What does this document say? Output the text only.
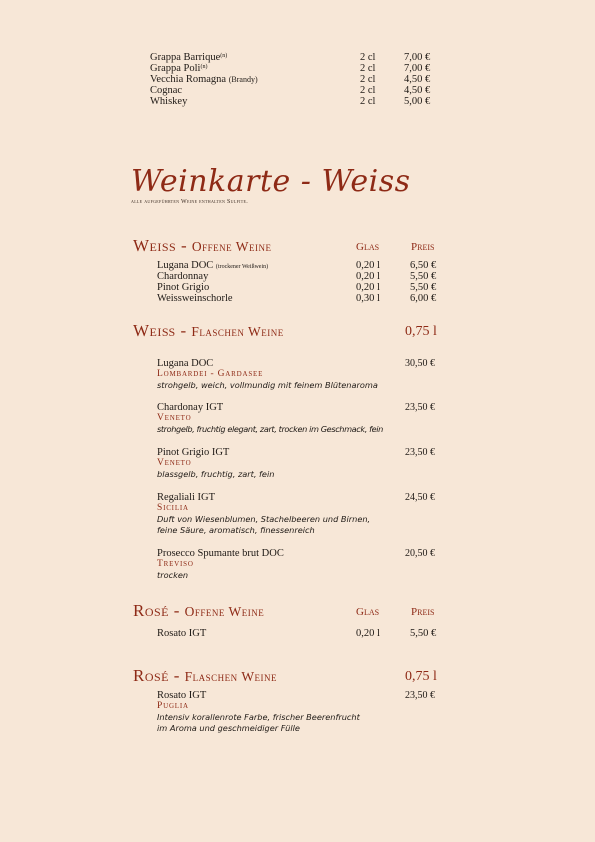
Grappa Barrique$^{(n)}$	2 cl	7,00 €
Grappa Poli$^{(n)}$	2 cl	7,00 €
Vecchia Romagna (Brandy)	2 cl	4,50 €
Cognac	2 cl	4,50 €
Whiskey	2 cl	5,00 €
Weinkarte - Weiss
alle aufgeführten Weine enthalten Sulfite.
Weiss - Offene Weine	Glas	Preis
Lugana DOC (trockener Weißwein)	0,20 l	6,50 €
Chardonnay	0,20 l	5,50 €
Pinot Grigio	0,20 l	5,50 €
Weissweinschorle	0,30 l	6,00 €
Weiß - Flaschen Weine	0,75 l
Lugana DOC	30,50 €
Lombardei - Gardasee
strohgelb, weich, vollmundig mit feinem Blütenaroma
Chardonay IGT	23,50 €
Veneto
strohgelb, fruchtig elegant, zart, trocken im Geschmack, fein
Pinot Grigio IGT	23,50 €
Veneto
blassgelb, fruchtig, zart, fein
Regaliali IGT	24,50 €
Sicilia
Duft von Wiesenblumen, Stachelbeeren und Birnen,
feine Säure, aromatisch, finessenreich
Prosecco Spumante brut DOC	20,50 €
Treviso
trocken
Rosé - Offene Weine	Glas	Preis
Rosato IGT	0,20 l	5,50 €
Rosé - Flaschen Weine	0,75 l
Rosato IGT	23,50 €
Puglia
Intensiv korallenrote Farbe, frischer Beerenfrucht
im Aroma und geschmeidiger Fülle
